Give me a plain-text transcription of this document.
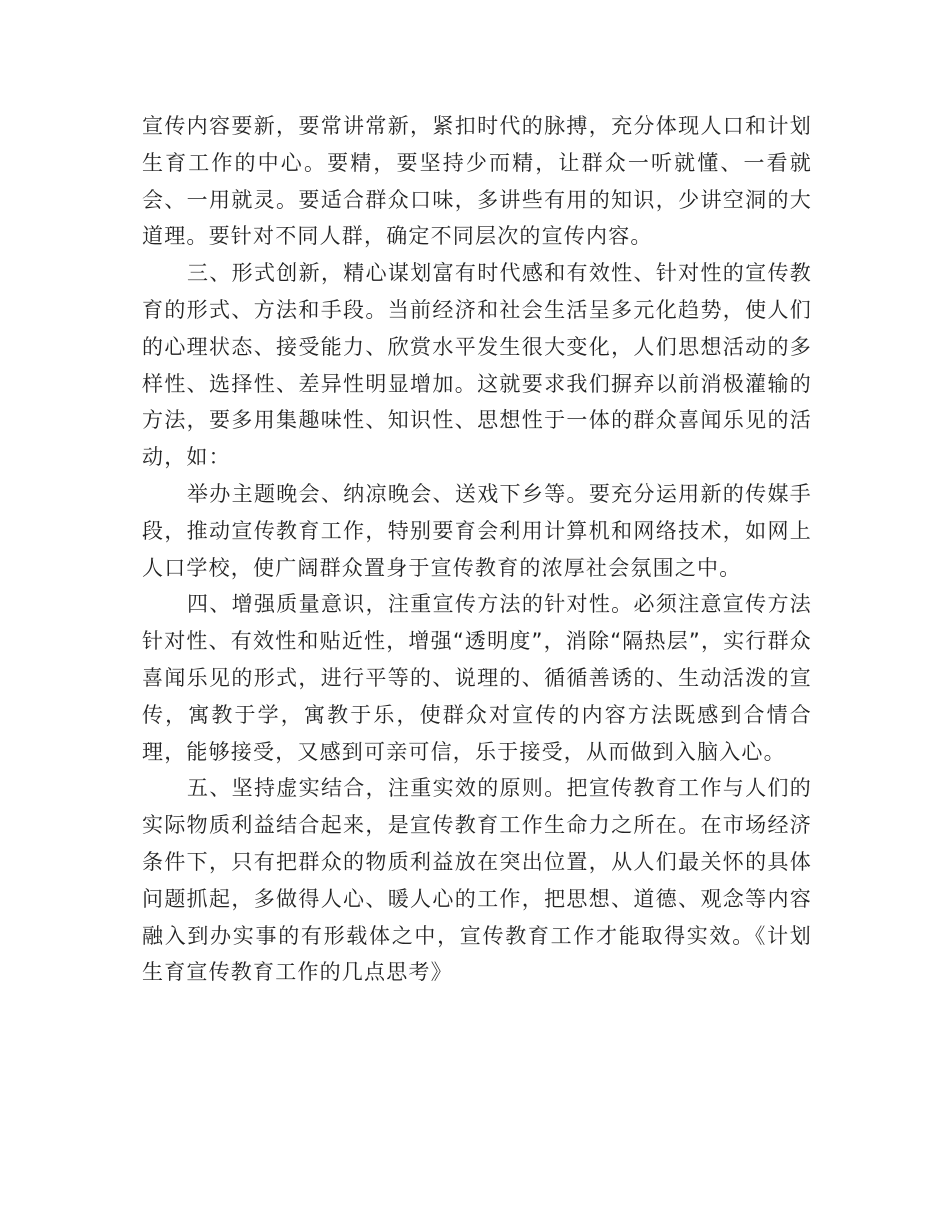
宣传内容要新，要常讲常新，紧扣时代的脉搏，充分体现人口和计划生育工作的中心。要精，要坚持少而精，让群众一听就懂、一看就会、一用就灵。要适合群众口味，多讲些有用的知识，少讲空洞的大道理。要针对不同人群，确定不同层次的宣传内容。

三、形式创新，精心谋划富有时代感和有效性、针对性的宣传教育的形式、方法和手段。当前经济和社会生活呈多元化趋势，使人们的心理状态、接受能力、欣赏水平发生很大变化，人们思想活动的多样性、选择性、差异性明显增加。这就要求我们摒弃以前消极灌输的方法，要多用集趣味性、知识性、思想性于一体的群众喜闻乐见的活动，如：

举办主题晚会、纳凉晚会、送戏下乡等。要充分运用新的传媒手段，推动宣传教育工作，特别要育会利用计算机和网络技术，如网上人口学校，使广阔群众置身于宣传教育的浓厚社会氛围之中。

四、增强质量意识，注重宣传方法的针对性。必须注意宣传方法针对性、有效性和贴近性，增强“透明度”，消除“隔热层”，实行群众喜闻乐见的形式，进行平等的、说理的、循循善诱的、生动活泼的宣传，寓教于学，寓教于乐，使群众对宣传的内容方法既感到合情合理，能够接受，又感到可亲可信，乐于接受，从而做到入脑入心。

五、坚持虚实结合，注重实效的原则。把宣传教育工作与人们的实际物质利益结合起来，是宣传教育工作生命力之所在。在市场经济条件下，只有把群众的物质利益放在突出位置，从人们最关怀的具体问题抓起，多做得人心、暖人心的工作，把思想、道德、观念等内容融入到办实事的有形载体之中，宣传教育工作才能取得实效。《计划生育宣传教育工作的几点思考》
